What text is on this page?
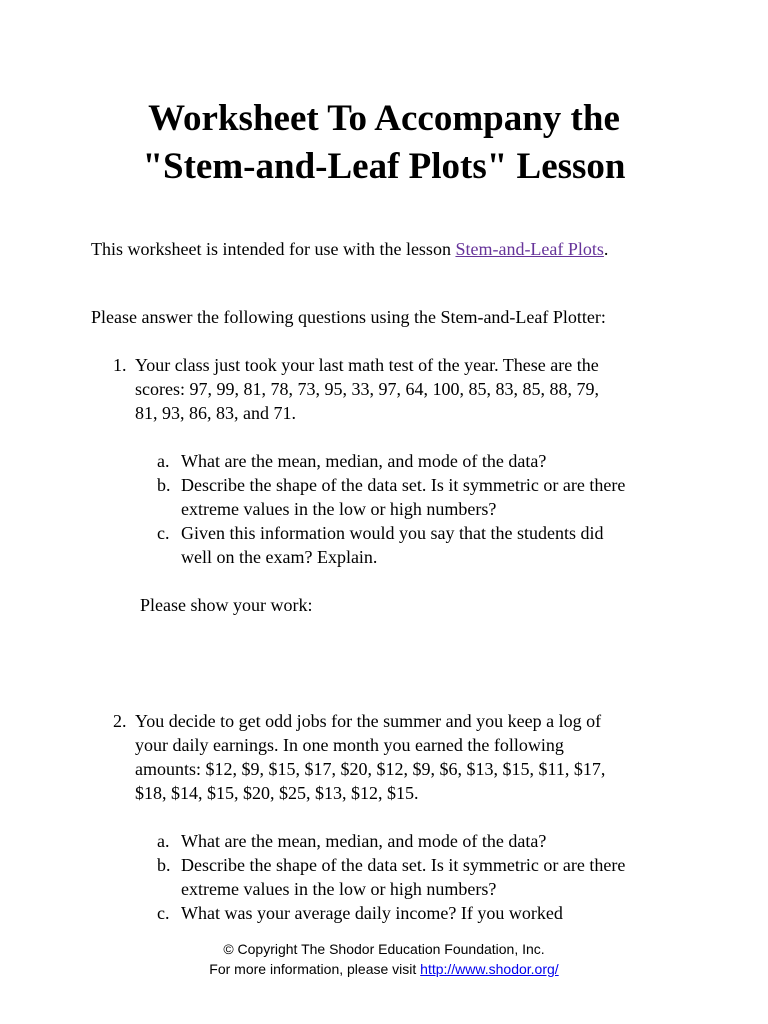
Worksheet To Accompany the
"Stem-and-Leaf Plots" Lesson
This worksheet is intended for use with the lesson Stem-and-Leaf Plots.
Please answer the following questions using the Stem-and-Leaf Plotter:
1. Your class just took your last math test of the year. These are the
scores: 97, 99, 81, 78, 73, 95, 33, 97, 64, 100, 85, 83, 85, 88, 79,
81, 93, 86, 83, and 71.
a. What are the mean, median, and mode of the data?
b. Describe the shape of the data set. Is it symmetric or are there
extreme values in the low or high numbers?
c. Given this information would you say that the students did
well on the exam? Explain.
Please show your work:
2. You decide to get odd jobs for the summer and you keep a log of
your daily earnings. In one month you earned the following
amounts: $12, $9, $15, $17, $20, $12, $9, $6, $13, $15, $11, $17,
$18, $14, $15, $20, $25, $13, $12, $15.
a. What are the mean, median, and mode of the data?
b. Describe the shape of the data set. Is it symmetric or are there
extreme values in the low or high numbers?
c. What was your average daily income? If you worked
© Copyright The Shodor Education Foundation, Inc.
For more information, please visit http://www.shodor.org/
